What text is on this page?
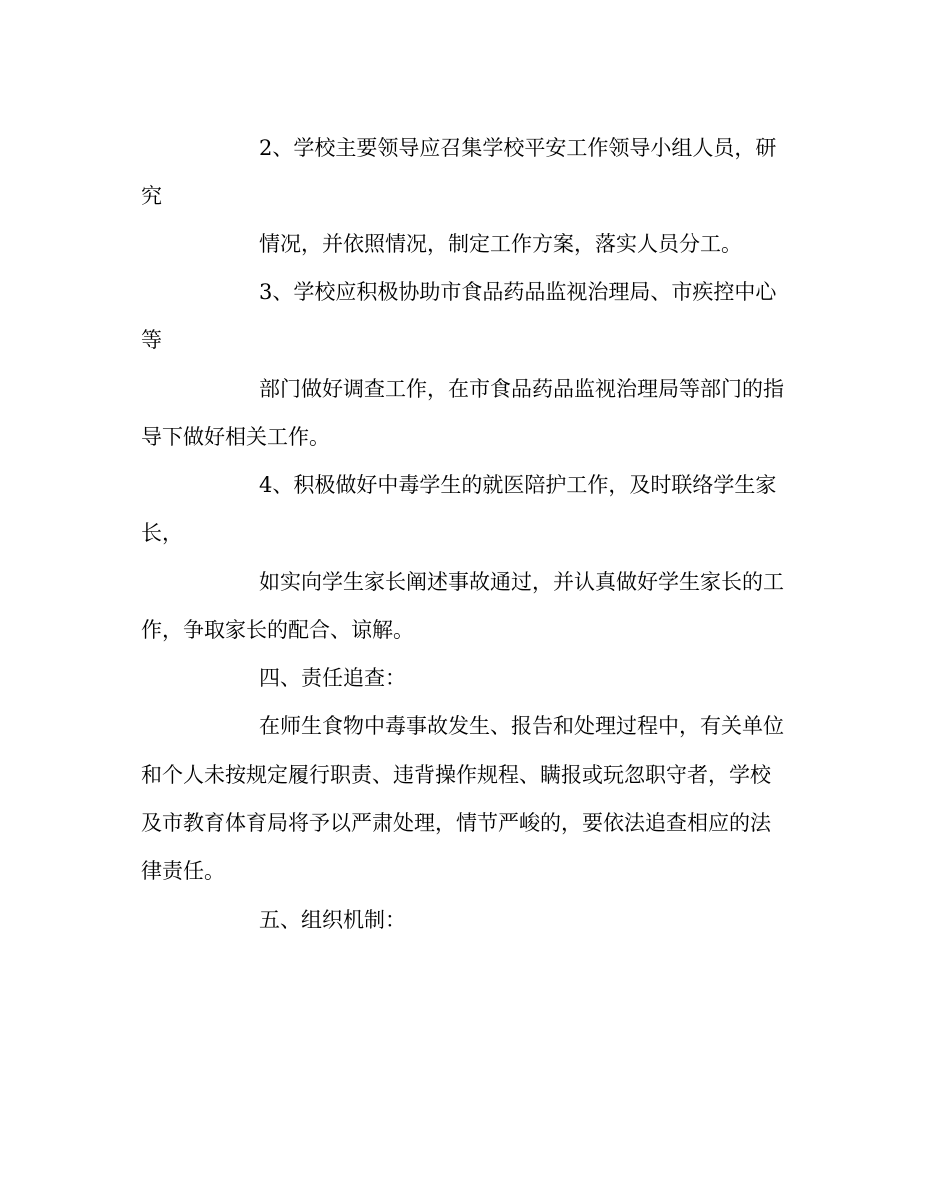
2、学校主要领导应召集学校平安工作领导小组人员，研

究

情况，并依照情况，制定工作方案，落实人员分工。

3、学校应积极协助市食品药品监视治理局、市疾控中心

等

部门做好调查工作，在市食品药品监视治理局等部门的指

导下做好相关工作。

4、积极做好中毒学生的就医陪护工作，及时联络学生家

长，

如实向学生家长阐述事故通过，并认真做好学生家长的工

作，争取家长的配合、谅解。

四、责任追查：

在师生食物中毒事故发生、报告和处理过程中，有关单位

和个人未按规定履行职责、违背操作规程、瞒报或玩忽职守者，学校

及市教育体育局将予以严肃处理，情节严峻的，要依法追查相应的法

律责任。

五、组织机制：
